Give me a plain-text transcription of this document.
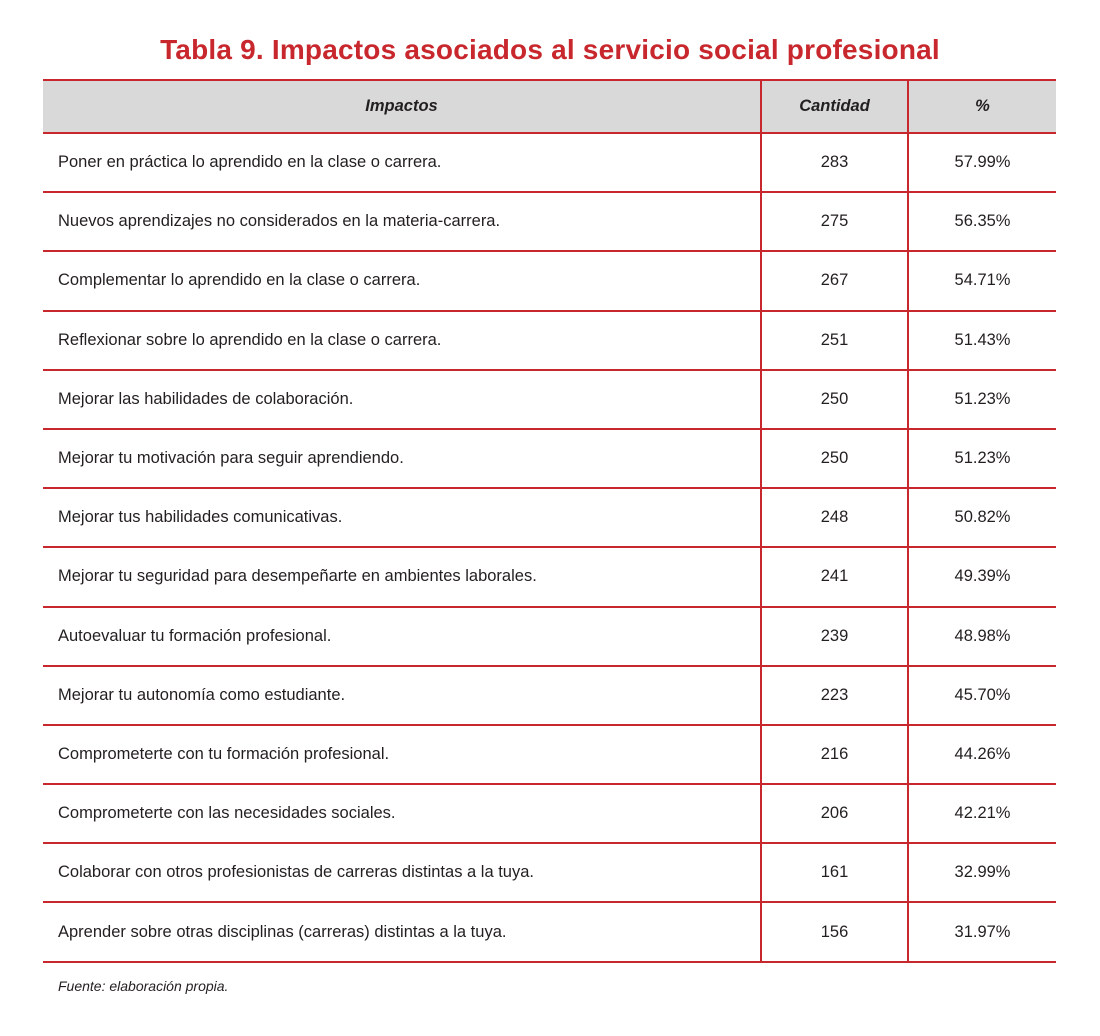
Tabla 9. Impactos asociados al servicio social profesional
Impactos	Cantidad	%
Poner en práctica lo aprendido en la clase o carrera.	283	57.99%
Nuevos aprendizajes no considerados en la materia-carrera.	275	56.35%
Complementar lo aprendido en la clase o carrera.	267	54.71%
Reflexionar sobre lo aprendido en la clase o carrera.	251	51.43%
Mejorar las habilidades de colaboración.	250	51.23%
Mejorar tu motivación para seguir aprendiendo.	250	51.23%
Mejorar tus habilidades comunicativas.	248	50.82%
Mejorar tu seguridad para desempeñarte en ambientes laborales.	241	49.39%
Autoevaluar tu formación profesional.	239	48.98%
Mejorar tu autonomía como estudiante.	223	45.70%
Comprometerte con tu formación profesional.	216	44.26%
Comprometerte con las necesidades sociales.	206	42.21%
Colaborar con otros profesionistas de carreras distintas a la tuya.	161	32.99%
Aprender sobre otras disciplinas (carreras) distintas a la tuya.	156	31.97%
Fuente: elaboración propia.
